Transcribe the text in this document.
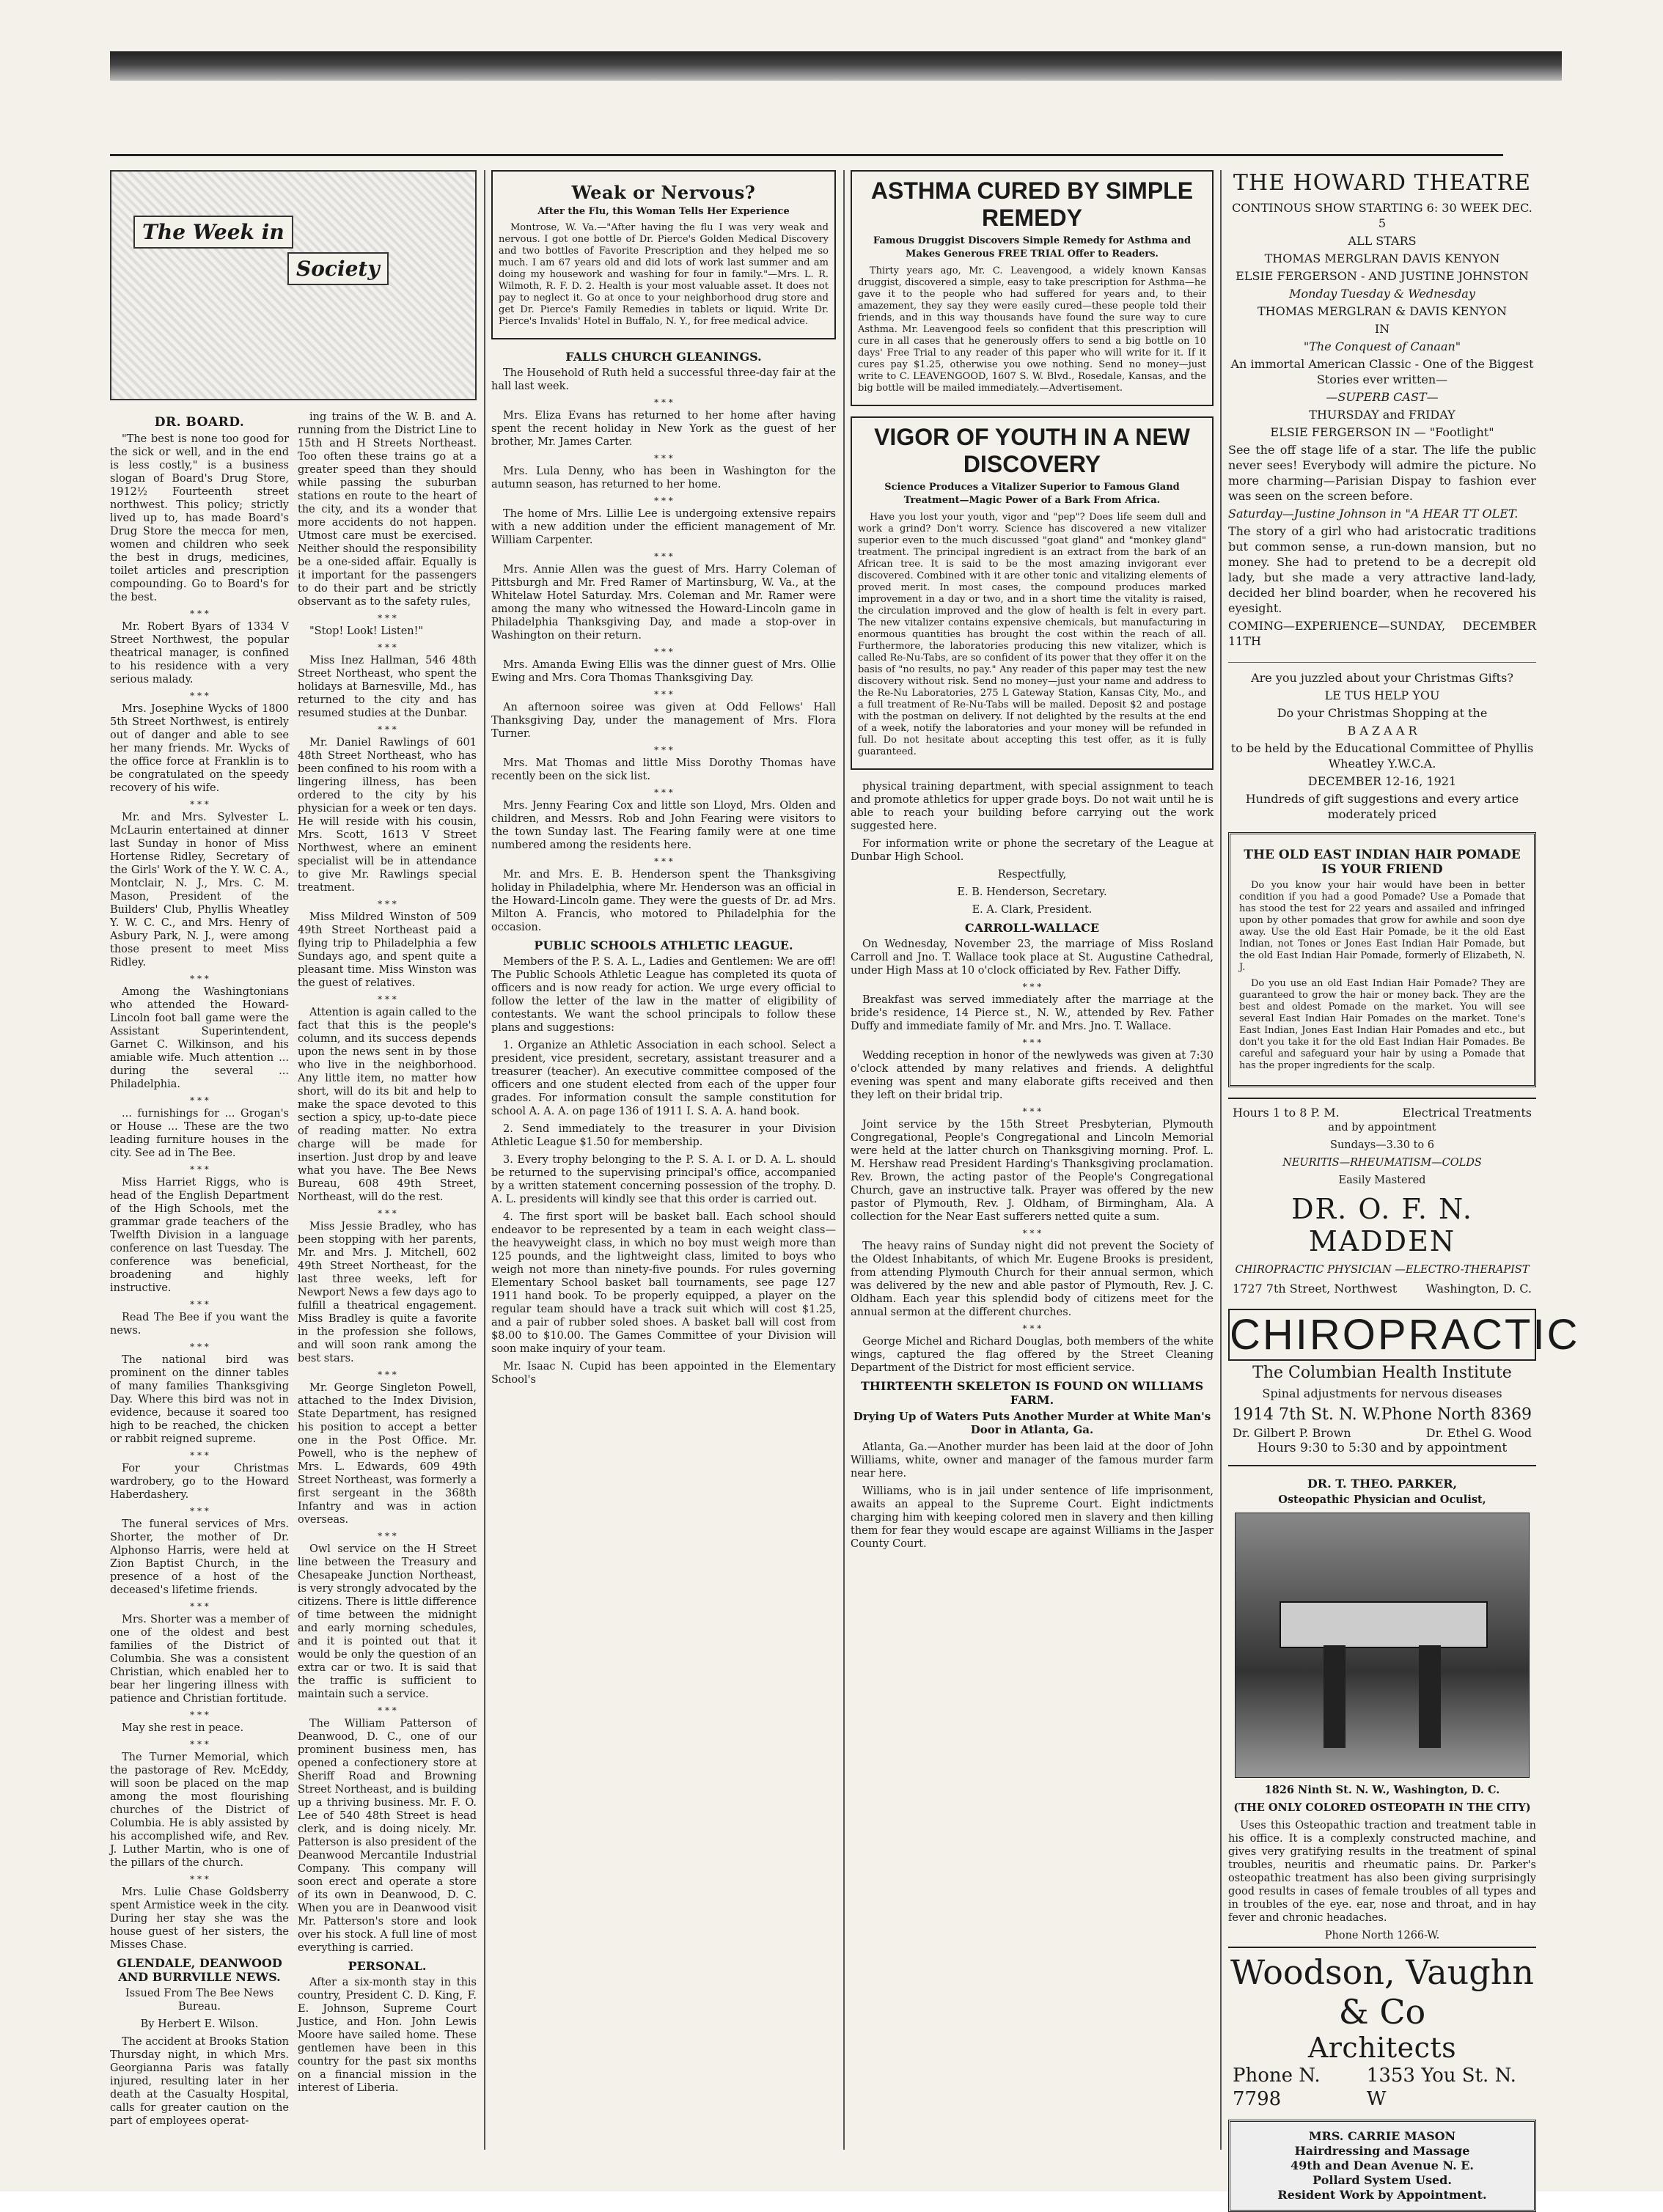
The Week in
Society
DR. BOARD.

"The best is none too good for the sick or well, and in the end is less costly," is a business slogan of Board's Drug Store, 1912½ Fourteenth street northwest. This policy; strictly lived up to, has made Board's Drug Store the mecca for men, women and children who seek the best in drugs, medicines, toilet articles and prescription compounding. Go to Board's for the best.

* * *

Mr. Robert Byars of 1334 V Street Northwest, the popular theatrical manager, is confined to his residence with a very serious malady.

* * *

Mrs. Josephine Wycks of 1800 5th Street Northwest, is entirely out of danger and able to see her many friends. Mr. Wycks of the office force at Franklin is to be congratulated on the speedy recovery of his wife.

* * *

Mr. and Mrs. Sylvester L. McLaurin entertained at dinner last Sunday in honor of Miss Hortense Ridley, Secretary of the Girls' Work of the Y. W. C. A., Montclair, N. J., Mrs. C. M. Mason, President of the Builders' Club, Phyllis Wheatley Y. W. C. C., and Mrs. Henry of Asbury Park, N. J., were among those present to meet Miss Ridley.

* * *

Among the Washingtonians who attended the Howard-Lincoln foot ball game were the Assistant Superintendent, Garnet C. Wilkinson, and his amiable wife. Much attention ... during the several ... Philadelphia.

* * *

... furnishings for ... Grogan's or House ... These are the two leading furniture houses in the city. See ad in The Bee.

* * *

Miss Harriet Riggs, who is head of the English Department of the High Schools, met the grammar grade teachers of the Twelfth Division in a language conference on last Tuesday. The conference was beneficial, broadening and highly instructive.

* * *

Read The Bee if you want the news.

* * *

The national bird was prominent on the dinner tables of many families Thanksgiving Day. Where this bird was not in evidence, because it soared too high to be reached, the chicken or rabbit reigned supreme.

* * *

For your Christmas wardrobery, go to the Howard Haberdashery.

* * *

The funeral services of Mrs. Shorter, the mother of Dr. Alphonso Harris, were held at Zion Baptist Church, in the presence of a host of the deceased's lifetime friends.

* * *

Mrs. Shorter was a member of one of the oldest and best families of the District of Columbia. She was a consistent Christian, which enabled her to bear her lingering illness with patience and Christian fortitude.

* * *

May she rest in peace.

* * *

The Turner Memorial, which the pastorage of Rev. McEddy, will soon be placed on the map among the most flourishing churches of the District of Columbia. He is ably assisted by his accomplished wife, and Rev. J. Luther Martin, who is one of the pillars of the church.

* * *

Mrs. Lulie Chase Goldsberry spent Armistice week in the city. During her stay she was the house guest of her sisters, the Misses Chase.

GLENDALE, DEANWOOD AND BURRVILLE NEWS.

Issued From The Bee News Bureau.

By Herbert E. Wilson.

The accident at Brooks Station Thursday night, in which Mrs. Georgianna Paris was fatally injured, resulting later in her death at the Casualty Hospital, calls for greater caution on the part of employees operat-

ing trains of the W. B. and A. running from the District Line to 15th and H Streets Northeast. Too often these trains go at a greater speed than they should while passing the suburban stations en route to the heart of the city, and its a wonder that more accidents do not happen. Utmost care must be exercised. Neither should the responsibility be a one-sided affair. Equally is it important for the passengers to do their part and be strictly observant as to the safety rules,

* * *

"Stop! Look! Listen!"

* * *

Miss Inez Hallman, 546 48th Street Northeast, who spent the holidays at Barnesville, Md., has returned to the city and has resumed studies at the Dunbar.

* * *

Mr. Daniel Rawlings of 601 48th Street Northeast, who has been confined to his room with a lingering illness, has been ordered to the city by his physician for a week or ten days. He will reside with his cousin, Mrs. Scott, 1613 V Street Northwest, where an eminent specialist will be in attendance to give Mr. Rawlings special treatment.

* * *

Miss Mildred Winston of 509 49th Street Northeast paid a flying trip to Philadelphia a few Sundays ago, and spent quite a pleasant time. Miss Winston was the guest of relatives.

* * *

Attention is again called to the fact that this is the people's column, and its success depends upon the news sent in by those who live in the neighborhood. Any little item, no matter how short, will do its bit and help to make the space devoted to this section a spicy, up-to-date piece of reading matter. No extra charge will be made for insertion. Just drop by and leave what you have. The Bee News Bureau, 608 49th Street, Northeast, will do the rest.

* * *

Miss Jessie Bradley, who has been stopping with her parents, Mr. and Mrs. J. Mitchell, 602 49th Street Northeast, for the last three weeks, left for Newport News a few days ago to fulfill a theatrical engagement. Miss Bradley is quite a favorite in the profession she follows, and will soon rank among the best stars.

* * *

Mr. George Singleton Powell, attached to the Index Division, State Department, has resigned his position to accept a better one in the Post Office. Mr. Powell, who is the nephew of Mrs. L. Edwards, 609 49th Street Northeast, was formerly a first sergeant in the 368th Infantry and was in action overseas.

* * *

Owl service on the H Street line between the Treasury and Chesapeake Junction Northeast, is very strongly advocated by the citizens. There is little difference of time between the midnight and early morning schedules, and it is pointed out that it would be only the question of an extra car or two. It is said that the traffic is sufficient to maintain such a service.

* * *

The William Patterson of Deanwood, D. C., one of our prominent business men, has opened a confectionery store at Sheriff Road and Browning Street Northeast, and is building up a thriving business. Mr. F. O. Lee of 540 48th Street is head clerk, and is doing nicely. Mr. Patterson is also president of the Deanwood Mercantile Industrial Company. This company will soon erect and operate a store of its own in Deanwood, D. C. When you are in Deanwood visit Mr. Patterson's store and look over his stock. A full line of most everything is carried.

PERSONAL.

After a six-month stay in this country, President C. D. King, F. E. Johnson, Supreme Court Justice, and Hon. John Lewis Moore have sailed home. These gentlemen have been in this country for the past six months on a financial mission in the interest of Liberia.

Weak or Nervous?

After the Flu, this Woman Tells Her Experience

Montrose, W. Va.—"After having the flu I was very weak and nervous. I got one bottle of Dr. Pierce's Golden Medical Discovery and two bottles of Favorite Prescription and they helped me so much. I am 67 years old and did lots of work last summer and am doing my housework and washing for four in family."—Mrs. L. R. Wilmoth, R. F. D. 2. Health is your most valuable asset. It does not pay to neglect it. Go at once to your neighborhood drug store and get Dr. Pierce's Family Remedies in tablets or liquid. Write Dr. Pierce's Invalids' Hotel in Buffalo, N. Y., for free medical advice.

FALLS CHURCH GLEANINGS.

The Household of Ruth held a successful three-day fair at the hall last week.

* * *

Mrs. Eliza Evans has returned to her home after having spent the recent holiday in New York as the guest of her brother, Mr. James Carter.

* * *

Mrs. Lula Denny, who has been in Washington for the autumn season, has returned to her home.

* * *

The home of Mrs. Lillie Lee is undergoing extensive repairs with a new addition under the efficient management of Mr. William Carpenter.

* * *

Mrs. Annie Allen was the guest of Mrs. Harry Coleman of Pittsburgh and Mr. Fred Ramer of Martinsburg, W. Va., at the Whitelaw Hotel Saturday. Mrs. Coleman and Mr. Ramer were among the many who witnessed the Howard-Lincoln game in Philadelphia Thanksgiving Day, and made a stop-over in Washington on their return.

* * *

Mrs. Amanda Ewing Ellis was the dinner guest of Mrs. Ollie Ewing and Mrs. Cora Thomas Thanksgiving Day.

* * *

An afternoon soiree was given at Odd Fellows' Hall Thanksgiving Day, under the management of Mrs. Flora Turner.

* * *

Mrs. Mat Thomas and little Miss Dorothy Thomas have recently been on the sick list.

* * *

Mrs. Jenny Fearing Cox and little son Lloyd, Mrs. Olden and children, and Messrs. Rob and John Fearing were visitors to the town Sunday last. The Fearing family were at one time numbered among the residents here.

* * *

Mr. and Mrs. E. B. Henderson spent the Thanksgiving holiday in Philadelphia, where Mr. Henderson was an official in the Howard-Lincoln game. They were the guests of Dr. ad Mrs. Milton A. Francis, who motored to Philadelphia for the occasion.

PUBLIC SCHOOLS ATHLETIC LEAGUE.

Members of the P. S. A. L., Ladies and Gentlemen: We are off! The Public Schools Athletic League has completed its quota of officers and is now ready for action. We urge every official to follow the letter of the law in the matter of eligibility of contestants. We want the school principals to follow these plans and suggestions:

1. Organize an Athletic Association in each school. Select a president, vice president, secretary, assistant treasurer and a treasurer (teacher). An executive committee composed of the officers and one student elected from each of the upper four grades. For information consult the sample constitution for school A. A. A. on page 136 of 1911 I. S. A. A. hand book.

2. Send immediately to the treasurer in your Division Athletic League $1.50 for membership.

3. Every trophy belonging to the P. S. A. I. or D. A. L. should be returned to the supervising principal's office, accompanied by a written statement concerning possession of the trophy. D. A. L. presidents will kindly see that this order is carried out.

4. The first sport will be basket ball. Each school should endeavor to be represented by a team in each weight class—the heavyweight class, in which no boy must weigh more than 125 pounds, and the lightweight class, limited to boys who weigh not more than ninety-five pounds. For rules governing Elementary School basket ball tournaments, see page 127 1911 hand book. To be properly equipped, a player on the regular team should have a track suit which will cost $1.25, and a pair of rubber soled shoes. A basket ball will cost from $8.00 to $10.00. The Games Committee of your Division will soon make inquiry of your team.

Mr. Isaac N. Cupid has been appointed in the Elementary School's

ASTHMA CURED BY SIMPLE REMEDY

Famous Druggist Discovers Simple Remedy for Asthma and Makes Generous FREE TRIAL Offer to Readers.

Thirty years ago, Mr. C. Leavengood, a widely known Kansas druggist, discovered a simple, easy to take prescription for Asthma—he gave it to the people who had suffered for years and, to their amazement, they say they were easily cured—these people told their friends, and in this way thousands have found the sure way to cure Asthma. Mr. Leavengood feels so confident that this prescription will cure in all cases that he generously offers to send a big bottle on 10 days' Free Trial to any reader of this paper who will write for it. If it cures pay $1.25, otherwise you owe nothing. Send no money—just write to C. LEAVENGOOD, 1607 S. W. Blvd., Rosedale, Kansas, and the big bottle will be mailed immediately.—Advertisement.

VIGOR OF YOUTH IN A NEW DISCOVERY

Science Produces a Vitalizer Superior to Famous Gland Treatment—Magic Power of a Bark From Africa.

Have you lost your youth, vigor and "pep"? Does life seem dull and work a grind? Don't worry. Science has discovered a new vitalizer superior even to the much discussed "goat gland" and "monkey gland" treatment. The principal ingredient is an extract from the bark of an African tree. It is said to be the most amazing invigorant ever discovered. Combined with it are other tonic and vitalizing elements of proved merit. In most cases, the compound produces marked improvement in a day or two, and in a short time the vitality is raised, the circulation improved and the glow of health is felt in every part. The new vitalizer contains expensive chemicals, but manufacturing in enormous quantities has brought the cost within the reach of all. Furthermore, the laboratories producing this new vitalizer, which is called Re-Nu-Tabs, are so confident of its power that they offer it on the basis of "no results, no pay." Any reader of this paper may test the new discovery without risk. Send no money—just your name and address to the Re-Nu Laboratories, 275 L Gateway Station, Kansas City, Mo., and a full treatment of Re-Nu-Tabs will be mailed. Deposit $2 and postage with the postman on delivery. If not delighted by the results at the end of a week, notify the laboratories and your money will be refunded in full. Do not hesitate about accepting this test offer, as it is fully guaranteed.

physical training department, with special assignment to teach and promote athletics for upper grade boys. Do not wait until he is able to reach your building before carrying out the work suggested here.

For information write or phone the secretary of the League at Dunbar High School.

Respectfully,

E. B. Henderson, Secretary.

E. A. Clark, President.

CARROLL-WALLACE

On Wednesday, November 23, the marriage of Miss Rosland Carroll and Jno. T. Wallace took place at St. Augustine Cathedral, under High Mass at 10 o'clock officiated by Rev. Father Diffy.

* * *

Breakfast was served immediately after the marriage at the bride's residence, 14 Pierce st., N. W., attended by Rev. Father Duffy and immediate family of Mr. and Mrs. Jno. T. Wallace.

* * *

Wedding reception in honor of the newlyweds was given at 7:30 o'clock attended by many relatives and friends. A delightful evening was spent and many elaborate gifts received and then they left on their bridal trip.

* * *

Joint service by the 15th Street Presbyterian, Plymouth Congregational, People's Congregational and Lincoln Memorial were held at the latter church on Thanksgiving morning. Prof. L. M. Hershaw read President Harding's Thanksgiving proclamation. Rev. Brown, the acting pastor of the People's Congregational Church, gave an instructive talk. Prayer was offered by the new pastor of Plymouth, Rev. J. Oldham, of Birmingham, Ala. A collection for the Near East sufferers netted quite a sum.

* * *

The heavy rains of Sunday night did not prevent the Society of the Oldest Inhabitants, of which Mr. Eugene Brooks is president, from attending Plymouth Church for their annual sermon, which was delivered by the new and able pastor of Plymouth, Rev. J. C. Oldham. Each year this splendid body of citizens meet for the annual sermon at the different churches.

* * *

George Michel and Richard Douglas, both members of the white wings, captured the flag offered by the Street Cleaning Department of the District for most efficient service.

THIRTEENTH SKELETON IS FOUND ON WILLIAMS FARM.

Drying Up of Waters Puts Another Murder at White Man's Door in Atlanta, Ga.

Atlanta, Ga.—Another murder has been laid at the door of John Williams, white, owner and manager of the famous murder farm near here.

Williams, who is in jail under sentence of life imprisonment, awaits an appeal to the Supreme Court. Eight indictments charging him with keeping colored men in slavery and then killing them for fear they would escape are against Williams in the Jasper County Court.

THE HOWARD THEATRE

CONTINOUS SHOW STARTING 6: 30 WEEK DEC. 5

ALL STARS

THOMAS MERGLRAN DAVIS KENYON

ELSIE FERGERSON - AND JUSTINE JOHNSTON

Monday Tuesday & Wednesday

THOMAS MERGLRAN & DAVIS KENYON

IN

"The Conquest of Canaan"

An immortal American Classic - One of the Biggest Stories ever written—

—SUPERB CAST—

THURSDAY and FRIDAY

ELSIE FERGERSON IN — "Footlight"

See the off stage life of a star. The life the public never sees! Everybody will admire the picture. No more charming—Parisian Dispay to fashion ever was seen on the screen before.

Saturday—Justine Johnson in "A HEAR TT OLET.

The story of a girl who had aristocratic traditions but common sense, a run-down mansion, but no money. She had to pretend to be a decrepit old lady, but she made a very attractive land-lady, decided her blind boarder, when he recovered his eyesight.

COMING—EXPERIENCE—SUNDAY, DECEMBER 11TH

Are you juzzled about your Christmas Gifts?

LE TUS HELP YOU

Do your Christmas Shopping at the

B A Z A A R

to be held by the Educational Committee of Phyllis Wheatley Y.W.C.A.

DECEMBER 12-16, 1921

Hundreds of gift suggestions and every artice moderately priced

THE OLD EAST INDIAN HAIR POMADE IS YOUR FRIEND

Do you know your hair would have been in better condition if you had a good Pomade? Use a Pomade that has stood the test for 22 years and assailed and infringed upon by other pomades that grow for awhile and soon dye away. Use the old East Hair Pomade, be it the old East Indian, not Tones or Jones East Indian Hair Pomade, but the old East Indian Hair Pomade, formerly of Elizabeth, N. J.

Do you use an old East Indian Hair Pomade? They are guaranteed to grow the hair or money back. They are the best and oldest Pomade on the market. You will see several East Indian Hair Pomades on the market. Tone's East Indian, Jones East Indian Hair Pomades and etc., but don't you take it for the old East Indian Hair Pomades. Be careful and safeguard your hair by using a Pomade that has the proper ingredients for the scalp.

Hours 1 to 8 P. M.	Electrical Treatments

and by appointment

Sundays—3.30 to 6

NEURITIS—RHEUMATISM—COLDS

Easily Mastered

DR. O. F. N. MADDEN

CHIROPRACTIC PHYSICIAN —ELECTRO-THERAPIST

1727 7th Street, Northwest Washington, D. C.
CHIROPRACTIC

The Columbian Health Institute

Spinal adjustments for nervous diseases

1914 7th St. N. W. Phone North 8369
Dr. Gilbert P. Brown	Dr. Ethel G. Wood

Hours 9:30 to 5:30 and by appointment

DR. T. THEO. PARKER,

Osteopathic Physician and Oculist,

1826 Ninth St. N. W., Washington, D. C.

(THE ONLY COLORED OSTEOPATH IN THE CITY)

Uses this Osteopathic traction and treatment table in his office. It is a complexly constructed machine, and gives very gratifying results in the treatment of spinal troubles, neuritis and rheumatic pains. Dr. Parker's osteopathic treatment has also been giving surprisingly good results in cases of female troubles of all types and in troubles of the eye. ear, nose and throat, and in hay fever and chronic headaches.

Phone North 1266-W.

Woodson, Vaughn & Co
Architects
Phone N. 7798
1353 You St. N. W

MRS. CARRIE MASON

Hairdressing and Massage

49th and Dean Avenue N. E.

Pollard System Used.

Resident Work by Appointment.
